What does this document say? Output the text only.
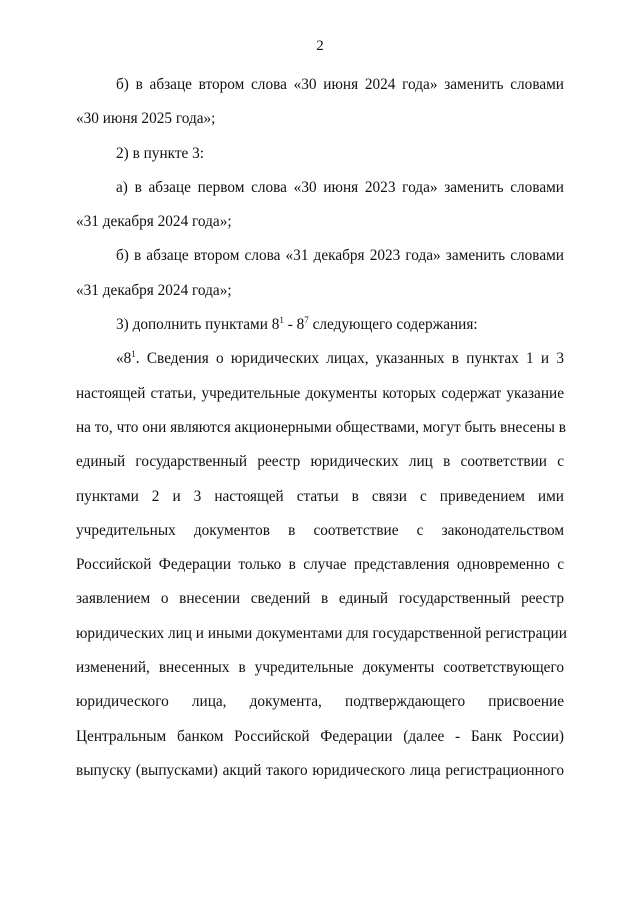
2
б) в абзаце втором слова «30 июня 2024 года» заменить словами
«30 июня 2025 года»;
2) в пункте 3:
а) в абзаце первом слова «30 июня 2023 года» заменить словами
«31 декабря 2024 года»;
б) в абзаце втором слова «31 декабря 2023 года» заменить словами
«31 декабря 2024 года»;
3) дополнить пунктами $8^1 - 8^7$ следующего содержания:
«$8^1$. Сведения о юридических лицах, указанных в пунктах 1 и 3
настоящей статьи, учредительные документы которых содержат указание
на то, что они являются акционерными обществами, могут быть внесены в
единый государственный реестр юридических лиц в соответствии с
пунктами 2 и 3 настоящей статьи в связи с приведением ими
учредительных документов в соответствие с законодательством
Российской Федерации только в случае представления одновременно с
заявлением о внесении сведений в единый государственный реестр
юридических лиц и иными документами для государственной регистрации
изменений, внесенных в учредительные документы соответствующего
юридического лица, документа, подтверждающего присвоение
Центральным банком Российской Федерации (далее - Банк России)
выпуску (выпусками) акций такого юридического лица регистрационного
